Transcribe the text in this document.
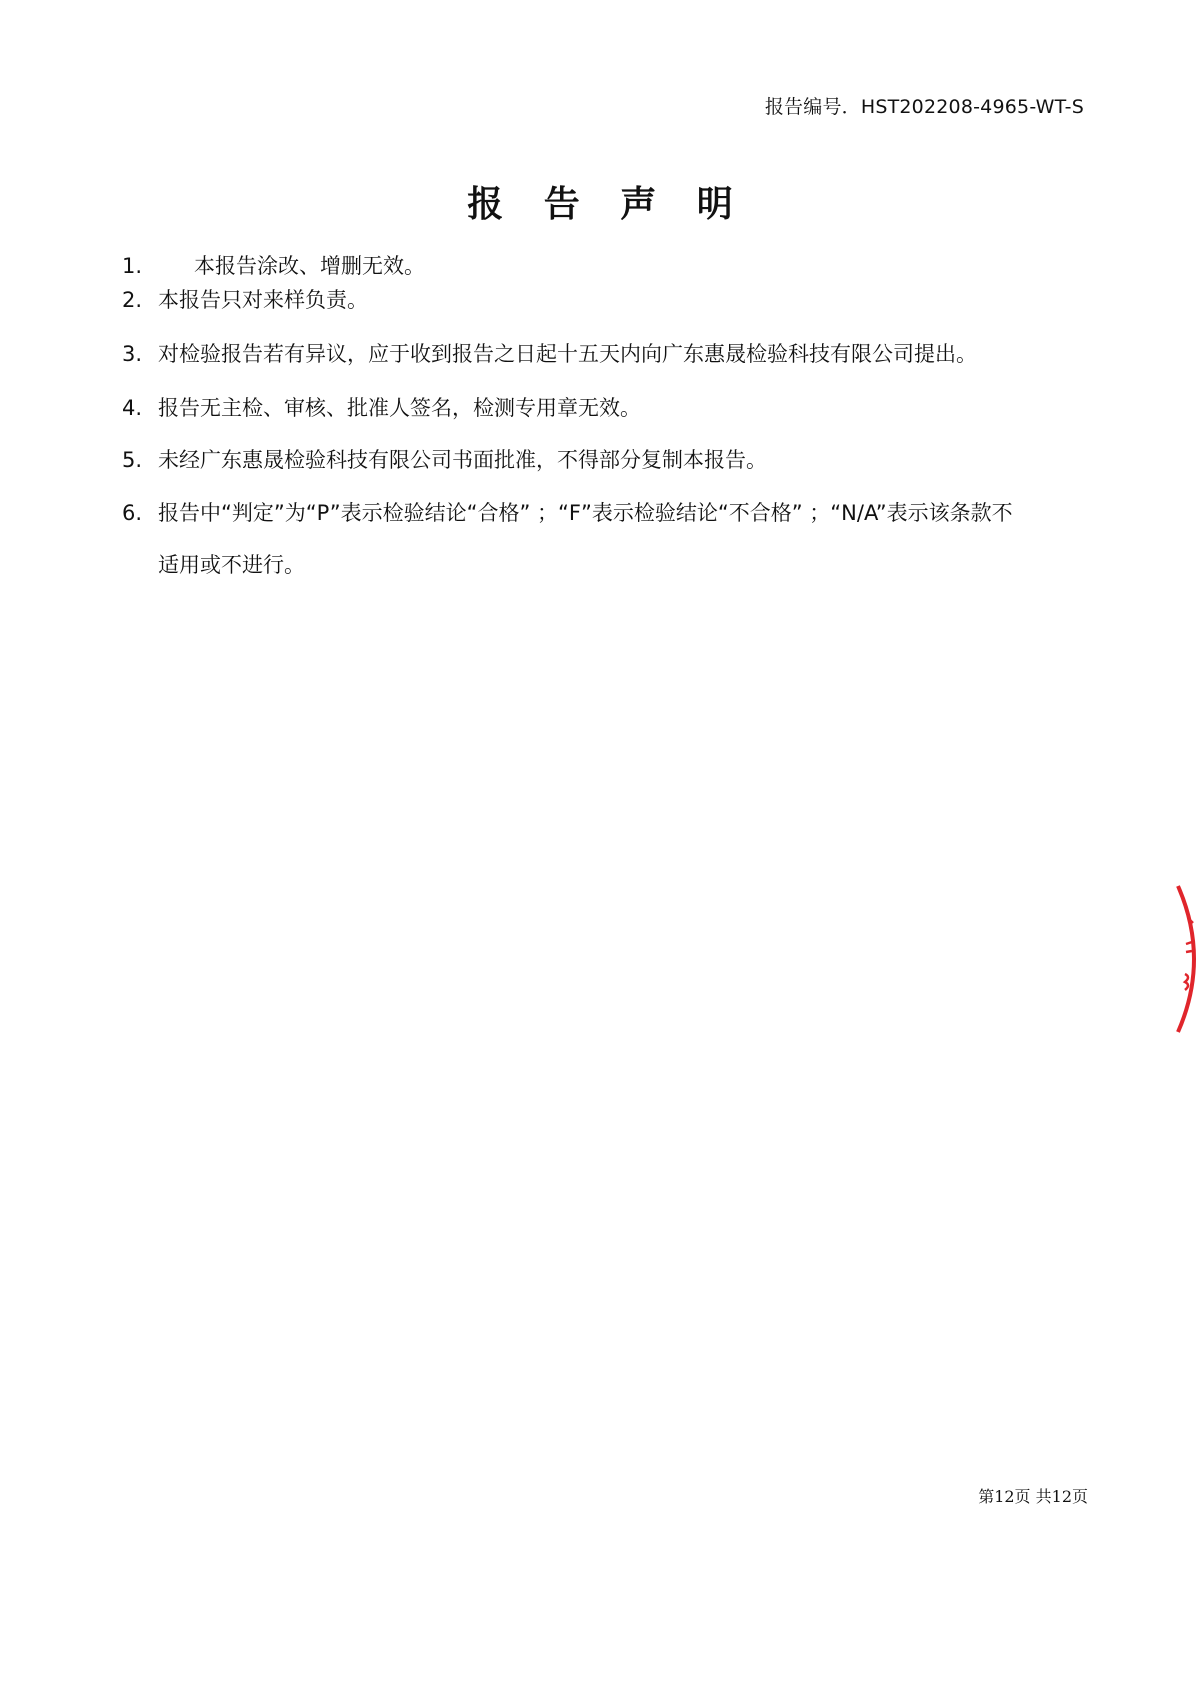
报告编号．HST202208-4965-WT-S
报 告 声 明
1. 本报告涂改、增删无效。
2. 本报告只对来样负责。
3. 对检验报告若有异议，应于收到报告之日起十五天内向广东惠晟检验科技有限公司提出。
4. 报告无主检、审核、批准人签名，检测专用章无效。
5. 未经广东惠晟检验科技有限公司书面批准，不得部分复制本报告。
6. 报告中“判定”为“P”表示检验结论“合格” ；“F”表示检验结论“不合格” ；“N/A”表示该条款不
适用或不进行。
第12页 共12页
